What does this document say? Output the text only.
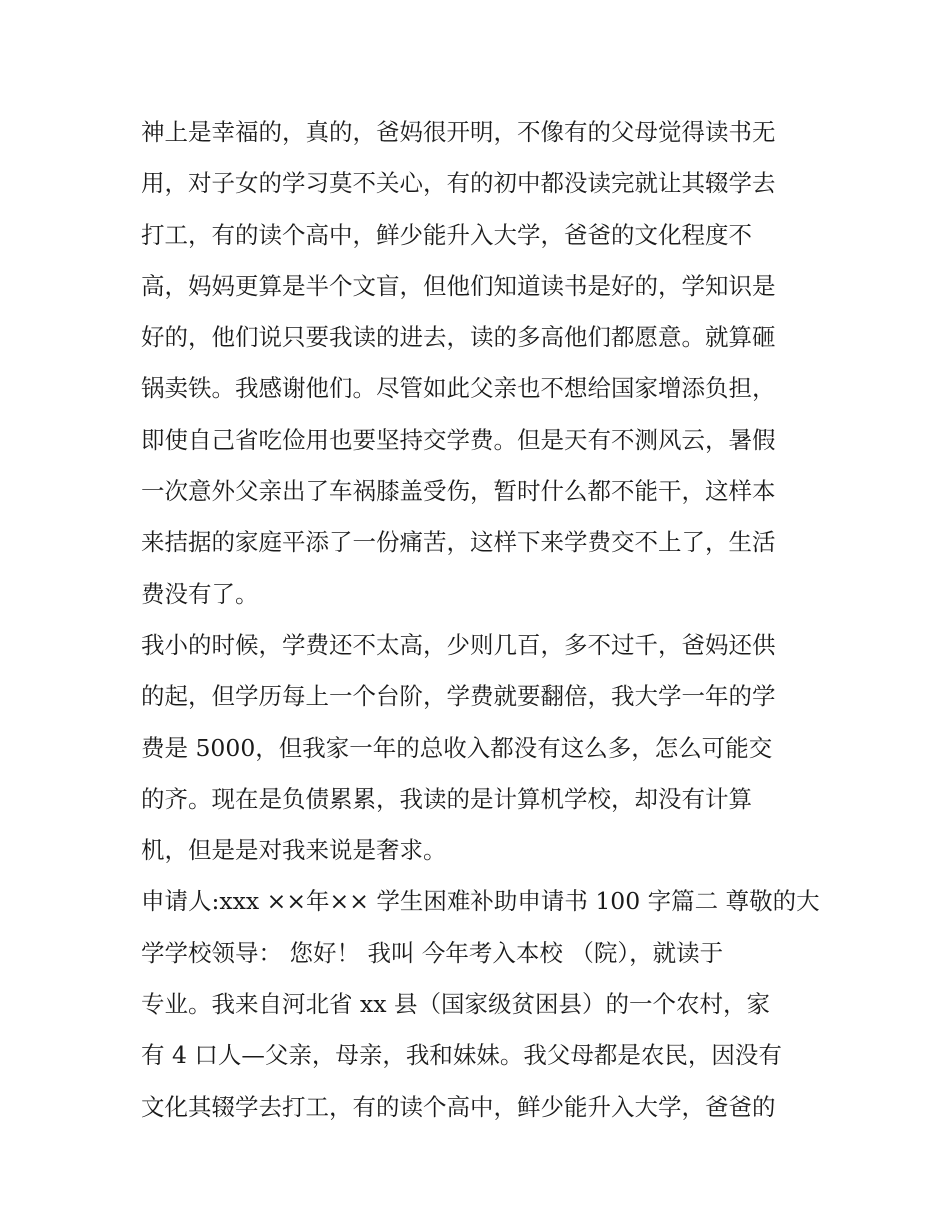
神上是幸福的，真的，爸妈很开明，不像有的父母觉得读书无
用，对子女的学习莫不关心，有的初中都没读完就让其辍学去
打工，有的读个高中，鲜少能升入大学，爸爸的文化程度不
高，妈妈更算是半个文盲，但他们知道读书是好的，学知识是
好的，他们说只要我读的进去，读的多高他们都愿意。就算砸
锅卖铁。我感谢他们。尽管如此父亲也不想给国家增添负担，
即使自己省吃俭用也要坚持交学费。但是天有不测风云，暑假
一次意外父亲出了车祸膝盖受伤，暂时什么都不能干，这样本
来拮据的家庭平添了一份痛苦，这样下来学费交不上了，生活
费没有了。
我小的时候，学费还不太高，少则几百，多不过千，爸妈还供
的起，但学历每上一个台阶，学费就要翻倍，我大学一年的学
费是 5000，但我家一年的总收入都没有这么多，怎么可能交
的齐。现在是负债累累，我读的是计算机学校，却没有计算
机，但是是对我来说是奢求。
申请人:xxx ××年×× 学生困难补助申请书 100 字篇二 尊敬的大
学学校领导： 您好！ 我叫 今年考入本校 （院），就读于
专业。我来自河北省 xx 县（国家级贫困县）的一个农村，家
有 4 口人—父亲，母亲，我和妹妹。我父母都是农民，因没有
文化其辍学去打工，有的读个高中，鲜少能升入大学，爸爸的
